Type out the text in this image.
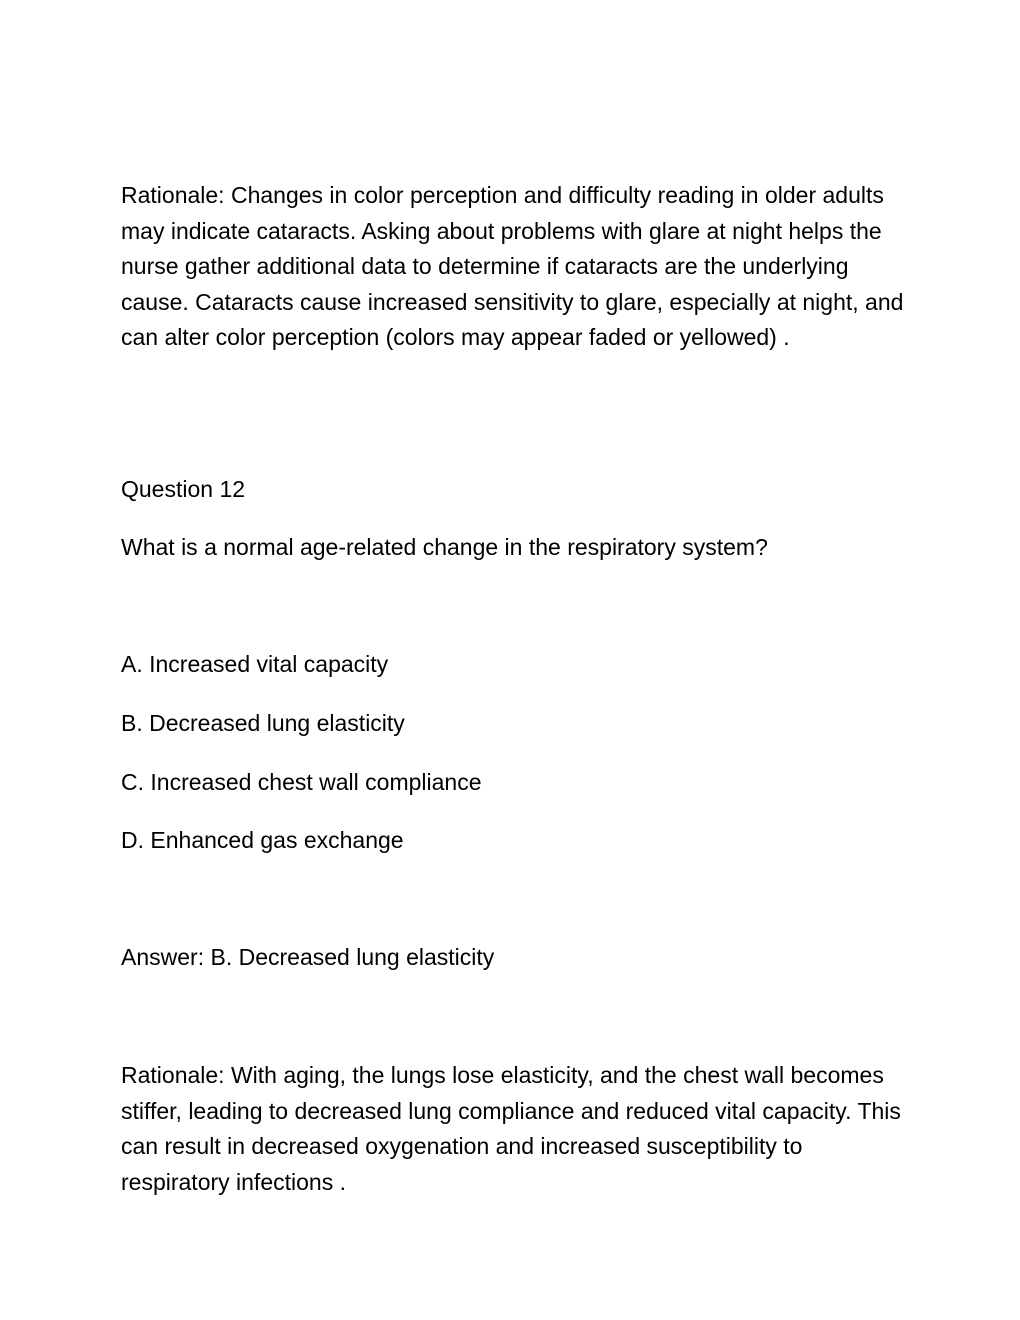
Rationale: Changes in color perception and difficulty reading in older adults may indicate cataracts. Asking about problems with glare at night helps the nurse gather additional data to determine if cataracts are the underlying cause. Cataracts cause increased sensitivity to glare, especially at night, and can alter color perception (colors may appear faded or yellowed) .

Question 12

What is a normal age-related change in the respiratory system?

A. Increased vital capacity

B. Decreased lung elasticity

C. Increased chest wall compliance

D. Enhanced gas exchange

Answer: B. Decreased lung elasticity

Rationale: With aging, the lungs lose elasticity, and the chest wall becomes stiffer, leading to decreased lung compliance and reduced vital capacity. This can result in decreased oxygenation and increased susceptibility to respiratory infections .
